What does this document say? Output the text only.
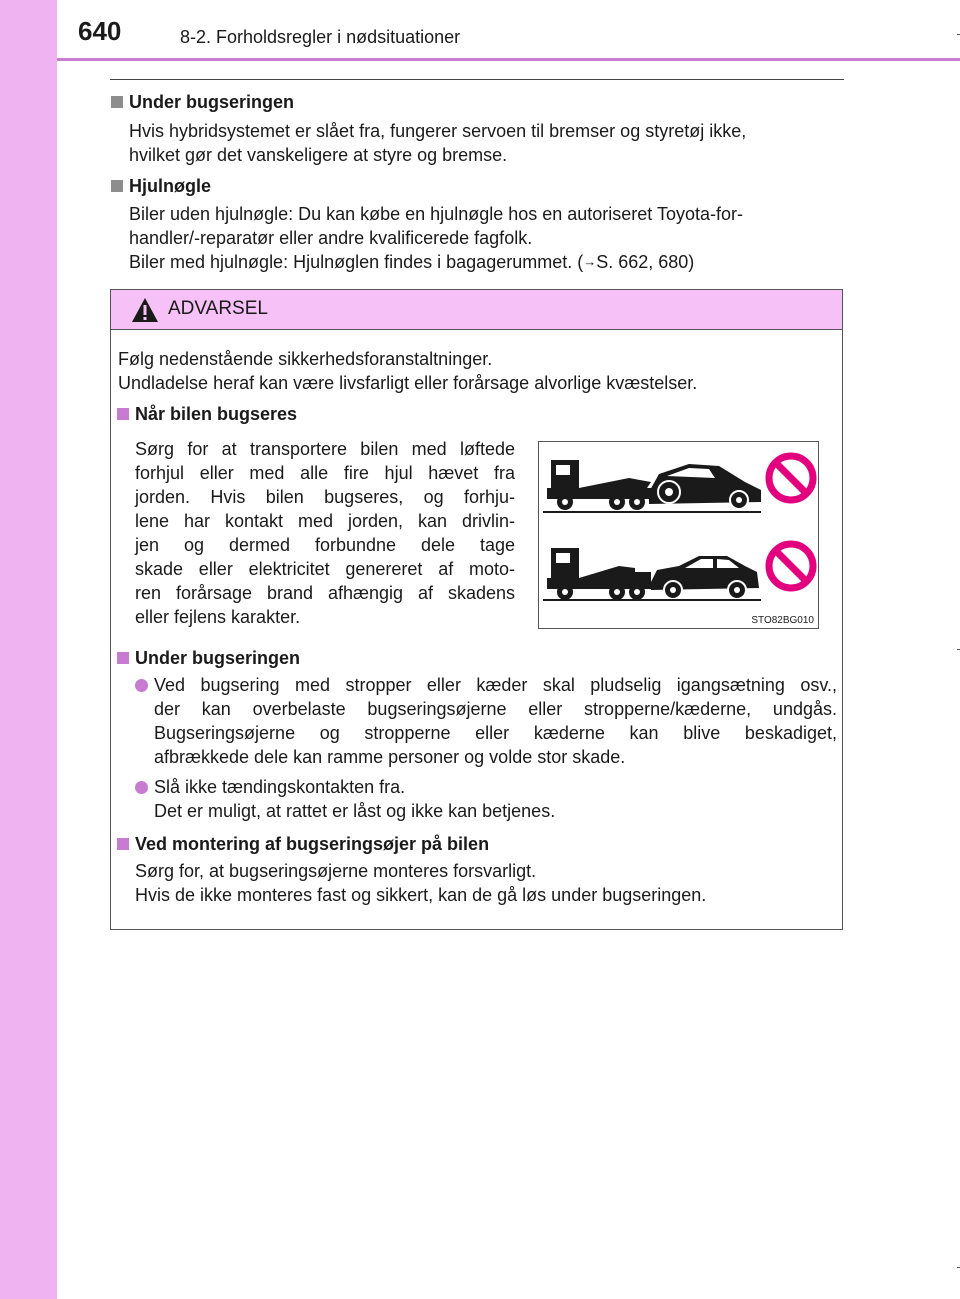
640	8-2. Forholdsregler i nødsituationer
Under bugseringen
Hvis hybridsystemet er slået fra, fungerer servoen til bremser og styretøj ikke,
hvilket gør det vanskeligere at styre og bremse.
Hjulnøgle
Biler uden hjulnøgle: Du kan købe en hjulnøgle hos en autoriseret Toyota-for-
handler/-reparatør eller andre kvalificerede fagfolk.
Biler med hjulnøgle: Hjulnøglen findes i bagagerummet. (→S. 662, 680)
ADVARSEL
Følg nedenstående sikkerhedsforanstaltninger.
Undladelse heraf kan være livsfarligt eller forårsage alvorlige kvæstelser.
Når bilen bugseres
Sørg for at transportere bilen med løftede
forhjul eller med alle fire hjul hævet fra
jorden. Hvis bilen bugseres, og forhju-
lene har kontakt med jorden, kan drivlin-
jen og dermed forbundne dele tage
skade eller elektricitet genereret af moto-
ren forårsage brand afhængig af skadens
eller fejlens karakter.	STO82BG010
Under bugseringen
Ved bugsering med stropper eller kæder skal pludselig igangsætning osv.,
der kan overbelaste bugseringsøjerne eller stropperne/kæderne, undgås.
Bugseringsøjerne og stropperne eller kæderne kan blive beskadiget,
afbrækkede dele kan ramme personer og volde stor skade.
Slå ikke tændingskontakten fra.
Det er muligt, at rattet er låst og ikke kan betjenes.
Ved montering af bugseringsøjer på bilen
Sørg for, at bugseringsøjerne monteres forsvarligt.
Hvis de ikke monteres fast og sikkert, kan de gå løs under bugseringen.
